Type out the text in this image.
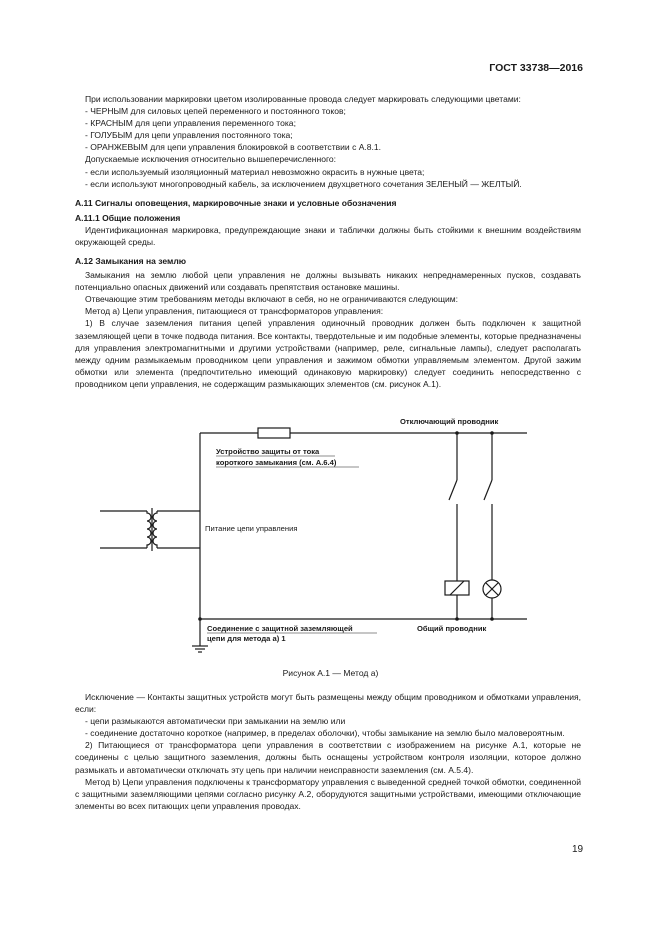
ГОСТ 33738—2016
При использовании маркировки цветом изолированные провода следует маркировать следующими цветами:
- ЧЕРНЫМ для силовых цепей переменного и постоянного токов;
- КРАСНЫМ для цепи управления переменного тока;
- ГОЛУБЫМ для цепи управления постоянного тока;
- ОРАНЖЕВЫМ для цепи управления блокировкой в соответствии с А.8.1.
Допускаемые исключения относительно вышеперечисленного:
- если используемый изоляционный материал невозможно окрасить в нужные цвета;
- если используют многопроводный кабель, за исключением двухцветного сочетания ЗЕЛЕНЫЙ — ЖЕЛТЫЙ.
А.11 Сигналы оповещения, маркировочные знаки и условные обозначения
А.11.1 Общие положения

Идентификационная маркировка, предупреждающие знаки и таблички должны быть стойкими к внешним воздействиям окружающей среды.

А.12 Замыкания на землю

Замыкания на землю любой цепи управления не должны вызывать никаких непреднамеренных пусков, создавать потенциально опасных движений или создавать препятствия остановке машины.

Отвечающие этим требованиям методы включают в себя, но не ограничиваются следующим:

Метод а) Цепи управления, питающиеся от трансформаторов управления:

1) В случае заземления питания цепей управления одиночный проводник должен быть подключен к защитной заземляющей цепи в точке подвода питания. Все контакты, твердотельные и им подобные элементы, которые предназначены для управления электромагнитными и другими устройствами (например, реле, сигнальные лампы), следует располагать между одним размыкаемым проводником цепи управления и зажимом обмотки управляемым элементом. Другой зажим обмотки или элемента (предпочтительно имеющий одинаковую маркировку) следует соединить непосредственно с проводником цепи управления, не содержащим размыкающих элементов (см. рисунок А.1).

Отключающий проводник
Устройство защиты от тока
короткого замыкания (см. А.6.4)
Питание цепи управления
Соединение с защитной заземляющей
цепи для метода а) 1
Общий проводник
Рисунок А.1 — Метод а)

Исключение — Контакты защитных устройств могут быть размещены между общим проводником и обмотками управления, если:

- цепи размыкаются автоматически при замыкании на землю или

- соединение достаточно короткое (например, в пределах оболочки), чтобы замыкание на землю было маловероятным.

2) Питающиеся от трансформатора цепи управления в соответствии с изображением на рисунке А.1, которые не соединены с целью защитного заземления, должны быть оснащены устройством контроля изоляции, которое должно размыкать и автоматически отключать эту цепь при наличии неисправности заземления (см. А.5.4).

Метод b) Цепи управления подключены к трансформатору управления с выведенной средней точкой обмотки, соединенной с защитными заземляющими цепями согласно рисунку А.2, оборудуются защитными устройствами, имеющими отключающие элементы во всех питающих цепи управления проводах.

19
